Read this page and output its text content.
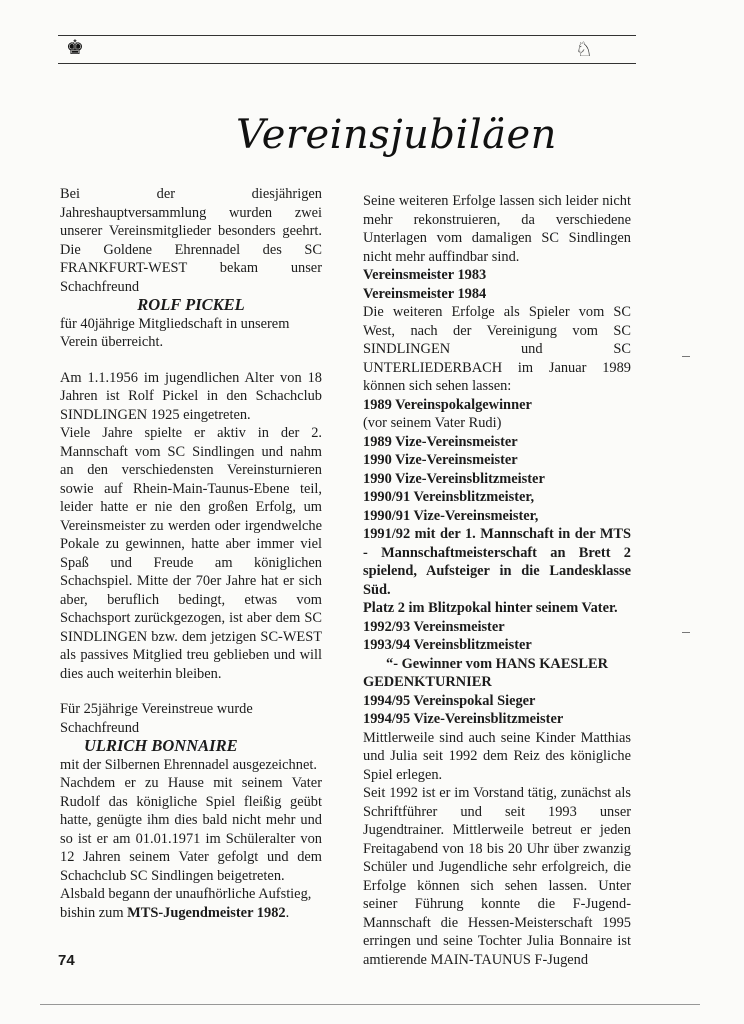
♚	♘
Vereinsjubiläen

Bei der diesjährigen Jahreshauptversammlung wurden zwei unserer Vereinsmitglieder besonders geehrt. Die Goldene Ehrennadel des SC FRANKFURT-WEST bekam unser Schachfreund

ROLF PICKEL

für 40jährige Mitgliedschaft in unserem Verein überreicht.

Am 1.1.1956 im jugendlichen Alter von 18 Jahren ist Rolf Pickel in den Schachclub SINDLINGEN 1925 eingetreten.

Viele Jahre spielte er aktiv in der 2. Mannschaft vom SC Sindlingen und nahm an den verschiedensten Vereinsturnieren sowie auf Rhein-Main-Taunus-Ebene teil, leider hatte er nie den großen Erfolg, um Vereinsmeister zu werden oder irgendwelche Pokale zu gewinnen, hatte aber immer viel Spaß und Freude am königlichen Schachspiel. Mitte der 70er Jahre hat er sich aber, beruflich bedingt, etwas vom Schachsport zurückgezogen, ist aber dem SC SINDLINGEN bzw. dem jetzigen SC-WEST als passives Mitglied treu geblieben und will dies auch weiterhin bleiben.

Für 25jährige Vereinstreue wurde Schachfreund

ULRICH BONNAIRE

mit der Silbernen Ehrennadel ausgezeichnet.

Nachdem er zu Hause mit seinem Vater Rudolf das königliche Spiel fleißig geübt hatte, genügte ihm dies bald nicht mehr und so ist er am 01.01.1971 im Schüleralter von 12 Jahren seinem Vater gefolgt und dem Schachclub SC Sindlingen beigetreten.

Alsbald begann der unaufhörliche Aufstieg, bishin zum MTS-Jugendmeister 1982.

Seine weiteren Erfolge lassen sich leider nicht mehr rekonstruieren, da verschiedene Unterlagen vom damaligen SC Sindlingen nicht mehr auffindbar sind.

Vereinsmeister 1983

Vereinsmeister 1984

Die weiteren Erfolge als Spieler vom SC West, nach der Vereinigung vom SC SINDLINGEN und SC UNTERLIEDERBACH im Januar 1989 können sich sehen lassen:

1989 Vereinspokalgewinner

(vor seinem Vater Rudi)

1989 Vize-Vereinsmeister

1990 Vize-Vereinsmeister

1990 Vize-Vereinsblitzmeister

1990/91 Vereinsblitzmeister,

1990/91 Vize-Vereinsmeister,

1991/92 mit der 1. Mannschaft in der MTS - Mannschaftmeisterschaft an Brett 2 spielend, Aufsteiger in die Landesklasse Süd.

Platz 2 im Blitzpokal hinter seinem Vater.

1992/93 Vereinsmeister

1993/94 Vereinsblitzmeister

“- Gewinner vom HANS KAESLER

GEDENKTURNIER

1994/95 Vereinspokal Sieger

1994/95 Vize-Vereinsblitzmeister

Mittlerweile sind auch seine Kinder Matthias und Julia seit 1992 dem Reiz des königliche Spiel erlegen.

Seit 1992 ist er im Vorstand tätig, zunächst als Schriftführer und seit 1993 unser Jugendtrainer. Mittlerweile betreut er jeden Freitagabend von 18 bis 20 Uhr über zwanzig Schüler und Jugendliche sehr erfolgreich, die Erfolge können sich sehen lassen. Unter seiner Führung konnte die F-Jugend-Mannschaft die Hessen-Meisterschaft 1995 erringen und seine Tochter Julia Bonnaire ist amtierende MAIN-TAUNUS F-Jugend

74
